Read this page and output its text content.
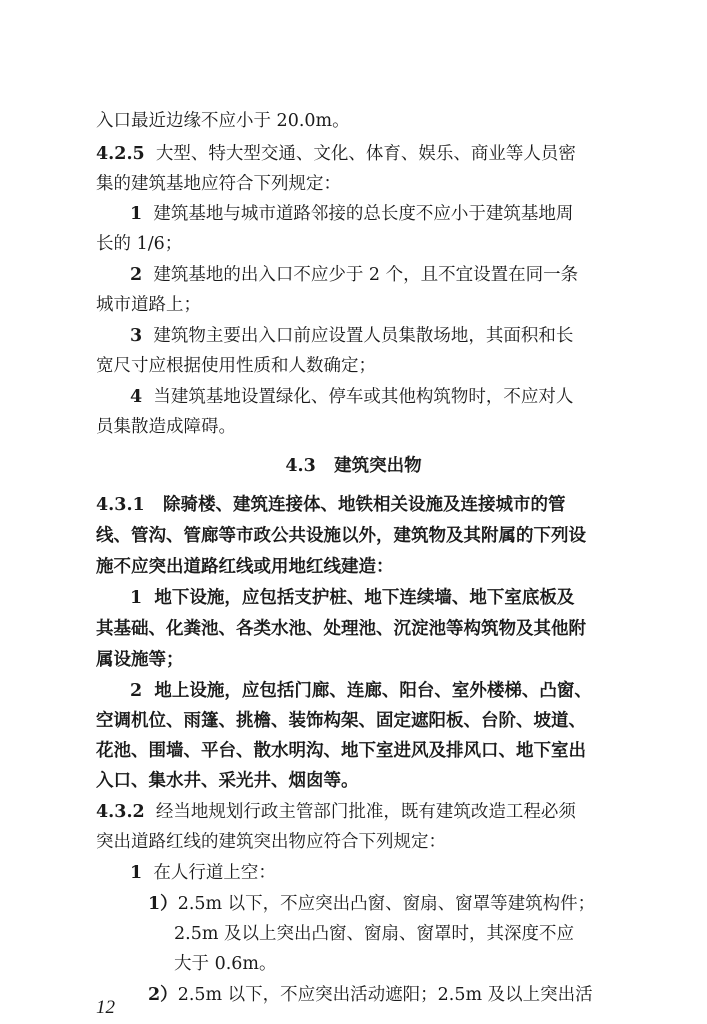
入口最近边缘不应小于 20.0m。
4.2.5 大型、特大型交通、文化、体育、娱乐、商业等人员密
集的建筑基地应符合下列规定：
1 建筑基地与城市道路邻接的总长度不应小于建筑基地周
长的 1/6；
2 建筑基地的出入口不应少于 2 个，且不宜设置在同一条
城市道路上；
3 建筑物主要出入口前应设置人员集散场地，其面积和长
宽尺寸应根据使用性质和人数确定；
4 当建筑基地设置绿化、停车或其他构筑物时，不应对人
员集散造成障碍。
4.3 建筑突出物
4.3.1 除骑楼、建筑连接体、地铁相关设施及连接城市的管
线、管沟、管廊等市政公共设施以外，建筑物及其附属的下列设
施不应突出道路红线或用地红线建造：
1 地下设施，应包括支护桩、地下连续墙、地下室底板及
其基础、化粪池、各类水池、处理池、沉淀池等构筑物及其他附
属设施等；
2 地上设施，应包括门廊、连廊、阳台、室外楼梯、凸窗、
空调机位、雨篷、挑檐、装饰构架、固定遮阳板、台阶、坡道、
花池、围墙、平台、散水明沟、地下室进风及排风口、地下室出
入口、集水井、采光井、烟囱等。
4.3.2 经当地规划行政主管部门批准，既有建筑改造工程必须
突出道路红线的建筑突出物应符合下列规定：
1 在人行道上空：
1）2.5m 以下，不应突出凸窗、窗扇、窗罩等建筑构件；
2.5m 及以上突出凸窗、窗扇、窗罩时，其深度不应
大于 0.6m。
2）2.5m 以下，不应突出活动遮阳；2.5m 及以上突出活
12
